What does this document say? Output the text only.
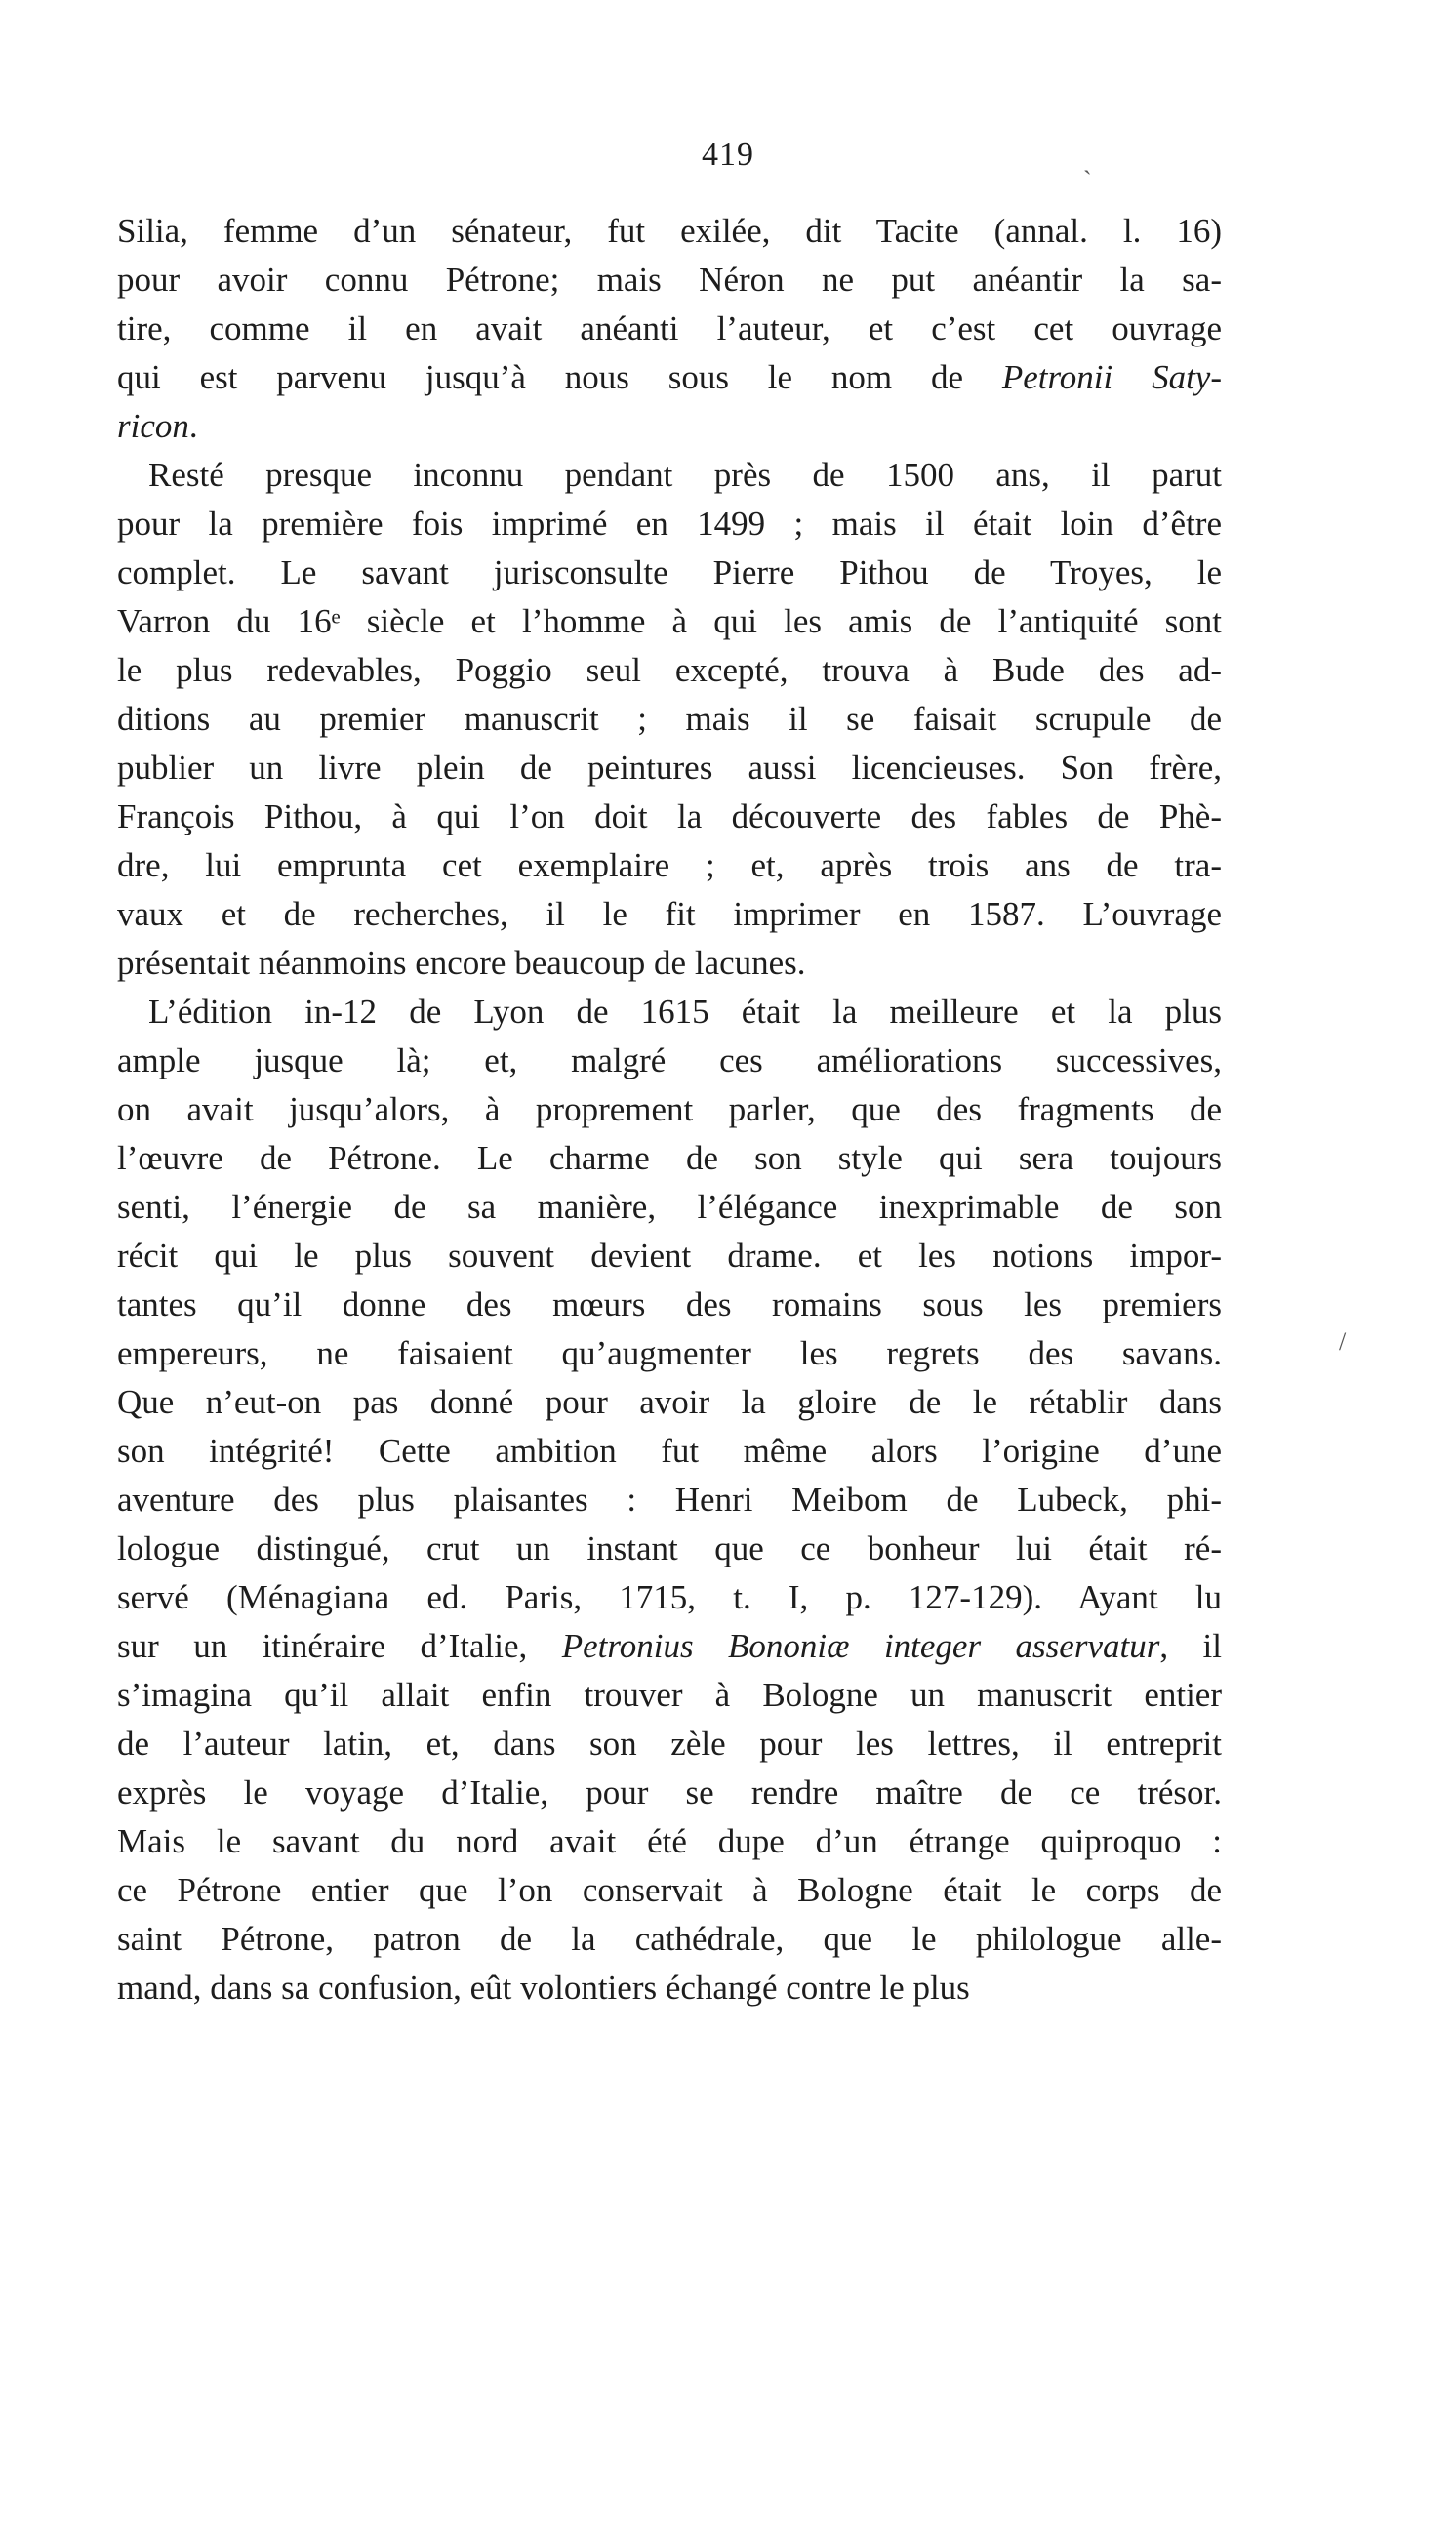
419	ˎ
/
Silia, femme d’un sénateur, fut exilée, dit Tacite (annal. l. 16)
pour avoir connu Pétrone; mais Néron ne put anéantir la sa-
tire, comme il en avait anéanti l’auteur, et c’est cet ouvrage
qui est parvenu jusqu’à nous sous le nom de Petronii Saty-
ricon.
Resté presque inconnu pendant près de 1500 ans, il parut
pour la première fois imprimé en 1499 ; mais il était loin d’être
complet. Le savant jurisconsulte Pierre Pithou de Troyes, le
Varron du 16ᵉ siècle et l’homme à qui les amis de l’antiquité sont
le plus redevables, Poggio seul excepté, trouva à Bude des ad-
ditions au premier manuscrit ; mais il se faisait scrupule de
publier un livre plein de peintures aussi licencieuses. Son frère,
François Pithou, à qui l’on doit la découverte des fables de Phè-
dre, lui emprunta cet exemplaire ; et, après trois ans de tra-
vaux et de recherches, il le fit imprimer en 1587. L’ouvrage
présentait néanmoins encore beaucoup de lacunes.
L’édition in-12 de Lyon de 1615 était la meilleure et la plus
ample jusque là; et, malgré ces améliorations successives,
on avait jusqu’alors, à proprement parler, que des fragments de
l’œuvre de Pétrone. Le charme de son style qui sera toujours
senti, l’énergie de sa manière, l’élégance inexprimable de son
récit qui le plus souvent devient drame. et les notions impor-
tantes qu’il donne des mœurs des romains sous les premiers
empereurs, ne faisaient qu’augmenter les regrets des savans.
Que n’eut-on pas donné pour avoir la gloire de le rétablir dans
son intégrité! Cette ambition fut même alors l’origine d’une
aventure des plus plaisantes : Henri Meibom de Lubeck, phi-
lologue distingué, crut un instant que ce bonheur lui était ré-
servé (Ménagiana ed. Paris, 1715, t. I, p. 127-129). Ayant lu
sur un itinéraire d’Italie, Petronius Bononiæ integer asservatur, il
s’imagina qu’il allait enfin trouver à Bologne un manuscrit entier
de l’auteur latin, et, dans son zèle pour les lettres, il entreprit
exprès le voyage d’Italie, pour se rendre maître de ce trésor.
Mais le savant du nord avait été dupe d’un étrange quiproquo :
ce Pétrone entier que l’on conservait à Bologne était le corps de
saint Pétrone, patron de la cathédrale, que le philologue alle-
mand, dans sa confusion, eût volontiers échangé contre le plus
